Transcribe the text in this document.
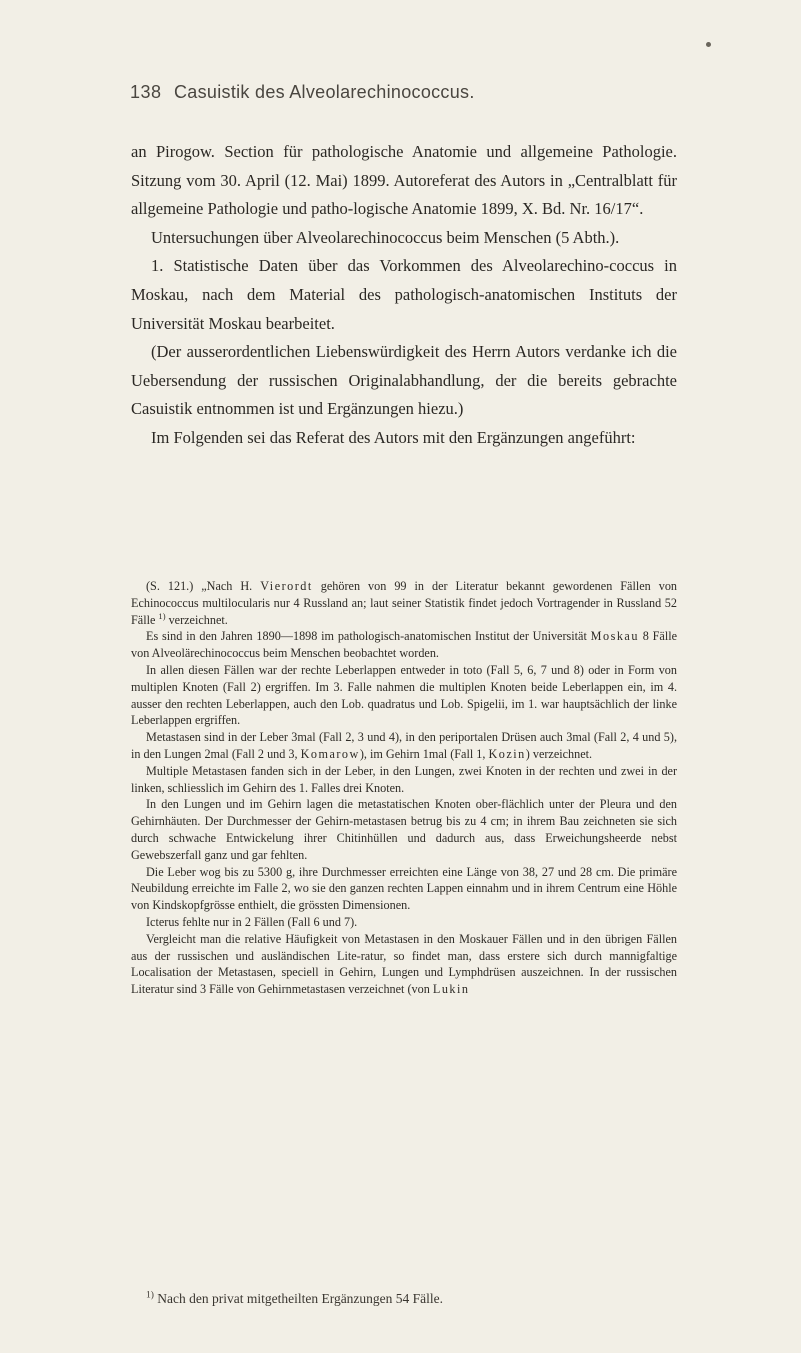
138 Casuistik des Alveolarechinococcus.

an Pirogow. Section für pathologische Anatomie und allgemeine Pathologie. Sitzung vom 30. April (12. Mai) 1899. Autoreferat des Autors in „Centralblatt für allgemeine Pathologie und patho-logische Anatomie 1899, X. Bd. Nr. 16/17“.

Untersuchungen über Alveolarechinococcus beim Menschen (5 Abth.).

1. Statistische Daten über das Vorkommen des Alveolarechino-coccus in Moskau, nach dem Material des pathologisch-anatomischen Instituts der Universität Moskau bearbeitet.

(Der ausserordentlichen Liebenswürdigkeit des Herrn Autors verdanke ich die Uebersendung der russischen Originalabhandlung, der die bereits gebrachte Casuistik entnommen ist und Ergänzungen hiezu.)

Im Folgenden sei das Referat des Autors mit den Ergänzungen angeführt:

(S. 121.) „Nach H. Vierordt gehören von 99 in der Literatur bekannt gewordenen Fällen von Echinococcus multilocularis nur 4 Russland an; laut seiner Statistik findet jedoch Vortragender in Russland 52 Fälle $^{1)}$ verzeichnet.

Es sind in den Jahren 1890—1898 im pathologisch-anatomischen Institut der Universität Moskau 8 Fälle von Alveolärechinococcus beim Menschen beobachtet worden.

In allen diesen Fällen war der rechte Leberlappen entweder in toto (Fall 5, 6, 7 und 8) oder in Form von multiplen Knoten (Fall 2) ergriffen. Im 3. Falle nahmen die multiplen Knoten beide Leberlappen ein, im 4. ausser den rechten Leberlappen, auch den Lob. quadratus und Lob. Spigelii, im 1. war hauptsächlich der linke Leberlappen ergriffen.

Metastasen sind in der Leber 3mal (Fall 2, 3 und 4), in den periportalen Drüsen auch 3mal (Fall 2, 4 und 5), in den Lungen 2mal (Fall 2 und 3, Komarow), im Gehirn 1mal (Fall 1, Kozin) verzeichnet.

Multiple Metastasen fanden sich in der Leber, in den Lungen, zwei Knoten in der rechten und zwei in der linken, schliesslich im Gehirn des 1. Falles drei Knoten.

In den Lungen und im Gehirn lagen die metastatischen Knoten ober-flächlich unter der Pleura und den Gehirnhäuten. Der Durchmesser der Gehirn-metastasen betrug bis zu 4 cm; in ihrem Bau zeichneten sie sich durch schwache Entwickelung ihrer Chitinhüllen und dadurch aus, dass Erweichungsheerde nebst Gewebszerfall ganz und gar fehlten.

Die Leber wog bis zu 5300 g, ihre Durchmesser erreichten eine Länge von 38, 27 und 28 cm. Die primäre Neubildung erreichte im Falle 2, wo sie den ganzen rechten Lappen einnahm und in ihrem Centrum eine Höhle von Kindskopfgrösse enthielt, die grössten Dimensionen.

Icterus fehlte nur in 2 Fällen (Fall 6 und 7).

Vergleicht man die relative Häufigkeit von Metastasen in den Moskauer Fällen und in den übrigen Fällen aus der russischen und ausländischen Lite-ratur, so findet man, dass erstere sich durch mannigfaltige Localisation der Metastasen, speciell in Gehirn, Lungen und Lymphdrüsen auszeichnen. In der russischen Literatur sind 3 Fälle von Gehirnmetastasen verzeichnet (von Lukin

$^{1)}$ Nach den privat mitgetheilten Ergänzungen 54 Fälle.
